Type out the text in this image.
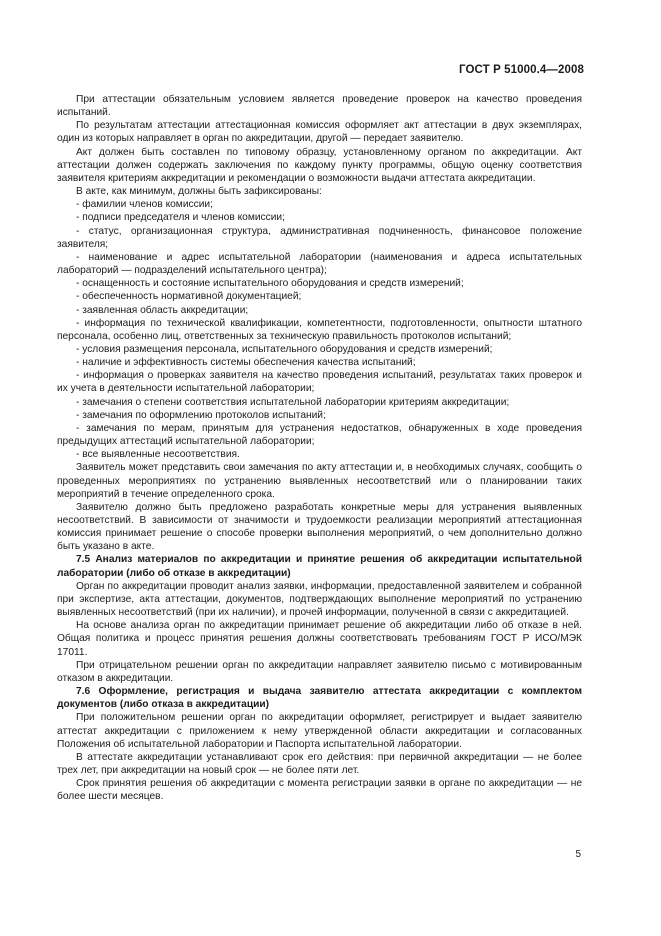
ГОСТ Р 51000.4—2008

При аттестации обязательным условием является проведение проверок на качество проведения испытаний.

По результатам аттестации аттестационная комиссия оформляет акт аттестации в двух экземплярах, один из которых направляет в орган по аккредитации, другой — передает заявителю.

Акт должен быть составлен по типовому образцу, установленному органом по аккредитации. Акт аттестации должен содержать заключения по каждому пункту программы, общую оценку соответствия заявителя критериям аккредитации и рекомендации о возможности выдачи аттестата аккредитации.

В акте, как минимум, должны быть зафиксированы:

- фамилии членов комиссии;

- подписи председателя и членов комиссии;

- статус, организационная структура, административная подчиненность, финансовое положение заявителя;

- наименование и адрес испытательной лаборатории (наименования и адреса испытательных лабораторий — подразделений испытательного центра);

- оснащенность и состояние испытательного оборудования и средств измерений;

- обеспеченность нормативной документацией;

- заявленная область аккредитации;

- информация по технической квалификации, компетентности, подготовленности, опытности штатного персонала, особенно лиц, ответственных за техническую правильность протоколов испытаний;

- условия размещения персонала, испытательного оборудования и средств измерений;

- наличие и эффективность системы обеспечения качества испытаний;

- информация о проверках заявителя на качество проведения испытаний, результатах таких проверок и их учета в деятельности испытательной лаборатории;

- замечания о степени соответствия испытательной лаборатории критериям аккредитации;

- замечания по оформлению протоколов испытаний;

- замечания по мерам, принятым для устранения недостатков, обнаруженных в ходе проведения предыдущих аттестаций испытательной лаборатории;

- все выявленные несоответствия.

Заявитель может представить свои замечания по акту аттестации и, в необходимых случаях, сообщить о проведенных мероприятиях по устранению выявленных несоответствий или о планировании таких мероприятий в течение определенного срока.

Заявителю должно быть предложено разработать конкретные меры для устранения выявленных несоответствий. В зависимости от значимости и трудоемкости реализации мероприятий аттестационная комиссия принимает решение о способе проверки выполнения мероприятий, о чем дополнительно должно быть указано в акте.

7.5 Анализ материалов по аккредитации и принятие решения об аккредитации испытательной лаборатории (либо об отказе в аккредитации)

Орган по аккредитации проводит анализ заявки, информации, предоставленной заявителем и собранной при экспертизе, акта аттестации, документов, подтверждающих выполнение мероприятий по устранению выявленных несоответствий (при их наличии), и прочей информации, полученной в связи с аккредитацией.

На основе анализа орган по аккредитации принимает решение об аккредитации либо об отказе в ней. Общая политика и процесс принятия решения должны соответствовать требованиям ГОСТ Р ИСО/МЭК 17011.

При отрицательном решении орган по аккредитации направляет заявителю письмо с мотивированным отказом в аккредитации.

7.6 Оформление, регистрация и выдача заявителю аттестата аккредитации с комплектом документов (либо отказа в аккредитации)

При положительном решении орган по аккредитации оформляет, регистрирует и выдает заявителю аттестат аккредитации с приложением к нему утвержденной области аккредитации и согласованных Положения об испытательной лаборатории и Паспорта испытательной лаборатории.

В аттестате аккредитации устанавливают срок его действия: при первичной аккредитации — не более трех лет, при аккредитации на новый срок — не более пяти лет.

Срок принятия решения об аккредитации с момента регистрации заявки в органе по аккредитации — не более шести месяцев.

5
